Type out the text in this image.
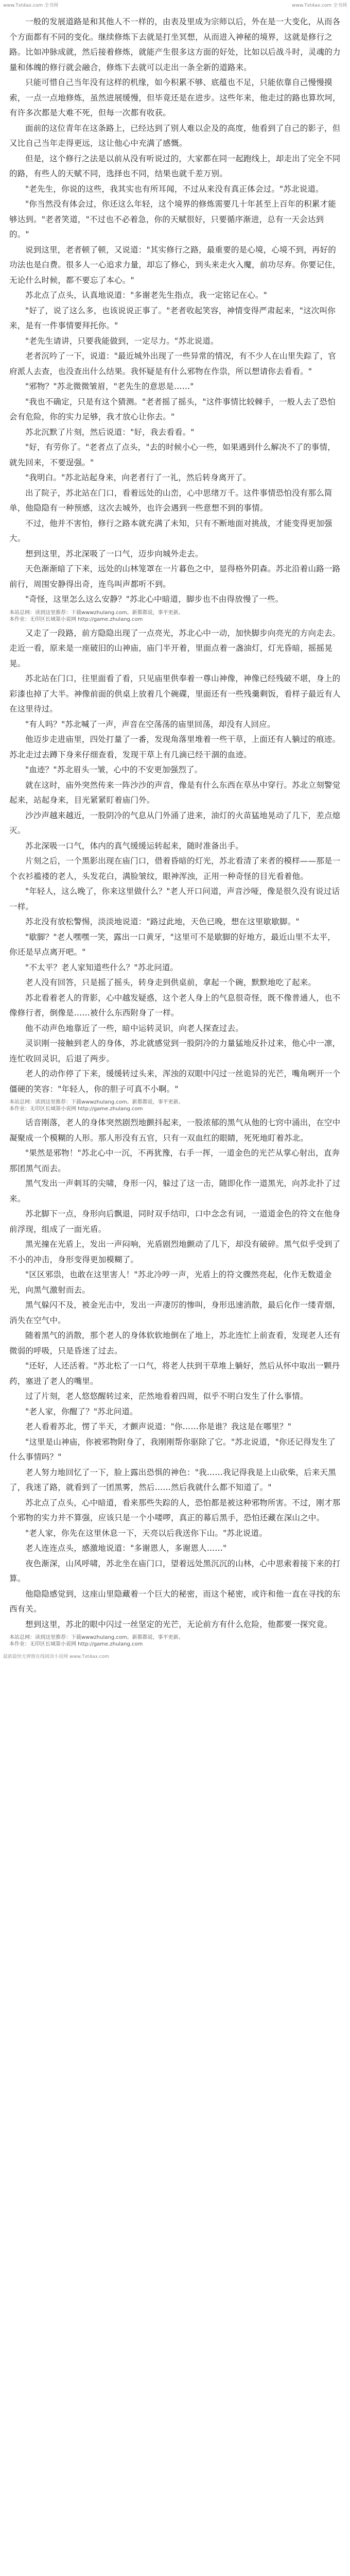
www.Txt4ax.com 全书网	www.Txt4ax.com 全书网

一般的发展道路是和其他人不一样的，由表及里成为宗师以后，外在是一大变化，从而各个方面都有不同的变化。继续修炼下去就是打坐冥想，从而进入神秘的境界，这就是修行之路。比如冲脉成就，然后接着修炼，就能产生很多这方面的好处，比如以后战斗时，灵魂的力量和体魄的修行就会融合，修炼下去就可以走出一条全新的道路来。

只能可惜自己当年没有这样的机缘，如今积累不够、底蕴也不足，只能依靠自己慢慢摸索，一点一点地修炼，虽然进展缓慢，但毕竟还是在进步。这些年来，他走过的路也算坎坷，有许多次都是大难不死，但每一次都有收获。

面前的这位青年在这条路上，已经达到了别人难以企及的高度，他看到了自己的影子，但又比自己当年走得更远，这让他心中充满了感慨。

但是，这个修行之法是以前从没有听说过的，大家都在同一起跑线上，却走出了完全不同的路，有些人的天赋不同，选择也不同，结果也就千差万别。

"老先生，你说的这些，我其实也有所耳闻，不过从来没有真正体会过。"苏北说道。

"你当然没有体会过，你还这么年轻，这个境界的修炼需要几十年甚至上百年的积累才能够达到。"老者笑道，"不过也不必着急，你的天赋很好，只要循序渐进，总有一天会达到的。"

说到这里，老者顿了顿，又说道："其实修行之路，最重要的是心境，心境不到，再好的功法也是白费。很多人一心追求力量，却忘了修心，到头来走火入魔，前功尽弃。你要记住，无论什么时候，都不要忘了本心。"

苏北点了点头，认真地说道："多谢老先生指点，我一定铭记在心。"

"好了，说了这么多，也该说说正事了。"老者收起笑容，神情变得严肃起来，"这次叫你来，是有一件事情要拜托你。"

"老先生请讲，只要我能做到，一定尽力。"苏北说道。

老者沉吟了一下，说道："最近城外出现了一些异常的情况，有不少人在山里失踪了，官府派人去查，也没查出什么结果。我怀疑是有什么邪物在作祟，所以想请你去看看。"

"邪物？"苏北微微皱眉，"老先生的意思是……"

"我也不确定，只是有这个猜测。"老者摇了摇头，"这件事情比较棘手，一般人去了恐怕会有危险，你的实力足够，我才放心让你去。"

苏北沉默了片刻，然后说道："好，我去看看。"

"好，有劳你了。"老者点了点头，"去的时候小心一些，如果遇到什么解决不了的事情，就先回来，不要逞强。"

"我明白。"苏北站起身来，向老者行了一礼，然后转身离开了。

出了院子，苏北站在门口，看着远处的山峦，心中思绪万千。这件事情恐怕没有那么简单，他隐隐有一种预感，这次去城外，也许会遇到一些意想不到的事情。

不过，他并不害怕，修行之路本就充满了未知，只有不断地面对挑战，才能变得更加强大。

想到这里，苏北深吸了一口气，迈步向城外走去。

天色渐渐暗了下来，远处的山林笼罩在一片暮色之中，显得格外阴森。苏北沿着山路一路前行，周围安静得出奇，连鸟叫声都听不到。

"奇怪，这里怎么这么安静？"苏北心中暗道，脚步也不由得放慢了一些。

本站总网：读到这里推荐：下载wwwzhulang.com。新都都说，事平更新。
本作业：无印区长域第小说网 http://game.zhulang.com

又走了一段路，前方隐隐出现了一点亮光，苏北心中一动，加快脚步向亮光的方向走去。走近一看，原来是一座破旧的山神庙，庙门半开着，里面点着一盏油灯，灯光昏暗，摇摇晃晃。

苏北站在门口，往里面看了看，只见庙里供奉着一尊山神像，神像已经残破不堪，身上的彩漆也掉了大半。神像前面的供桌上放着几个碗碟，里面还有一些残羹剩饭，看样子最近有人在这里待过。

"有人吗？"苏北喊了一声，声音在空荡荡的庙里回荡，却没有人回应。

他迈步走进庙里，四处打量了一番，发现角落里堆着一些干草，上面还有人躺过的痕迹。苏北走过去蹲下身来仔细查看，发现干草上有几滴已经干涸的血迹。

"血迹？"苏北眉头一皱，心中的不安更加强烈了。

就在这时，庙外突然传来一阵沙沙的声音，像是有什么东西在草丛中穿行。苏北立刻警觉起来，站起身来，目光紧紧盯着庙门外。

沙沙声越来越近，一股阴冷的气息从门外涌了进来，油灯的火苗猛地晃动了几下，差点熄灭。

苏北深吸一口气，体内的真气缓缓运转起来，随时准备出手。

片刻之后，一个黑影出现在庙门口，借着昏暗的灯光，苏北看清了来者的模样——那是一个衣衫褴褛的老人，头发花白，满脸皱纹，眼神浑浊，正用一种奇怪的目光看着他。

"年轻人，这么晚了，你来这里做什么？"老人开口问道，声音沙哑，像是很久没有说过话一样。

苏北没有放松警惕，淡淡地说道："路过此地，天色已晚，想在这里歇歇脚。"

"歇脚？"老人嘿嘿一笑，露出一口黄牙，"这里可不是歇脚的好地方，最近山里不太平，你还是早点离开吧。"

"不太平？老人家知道些什么？"苏北问道。

老人没有回答，只是摇了摇头，转身走到供桌前，拿起一个碗，默默地吃了起来。

苏北看着老人的背影，心中越发疑惑，这个老人身上的气息很奇怪，既不像普通人，也不像修行者，倒像是……被什么东西附身了一样。

他不动声色地靠近了一些，暗中运转灵识，向老人探查过去。

灵识刚一接触到老人的身体，苏北就感觉到一股阴冷的力量猛地反扑过来，他心中一凛，连忙收回灵识，后退了两步。

老人的动作停了下来，缓缓转过头来，浑浊的双眼中闪过一丝诡异的光芒，嘴角咧开一个僵硬的笑容："年轻人，你的胆子可真不小啊。"

本站总网：读到这里推荐：下载wwwzhulang.com。新都都说，事平更新。
本作业：无印区长域第小说网 http://game.zhulang.com

话音刚落，老人的身体突然剧烈地颤抖起来，一股浓郁的黑气从他的七窍中涌出，在空中凝聚成一个模糊的人形。那人形没有五官，只有一双血红的眼睛，死死地盯着苏北。

"果然是邪物！"苏北心中一沉，不再犹豫，右手一挥，一道金色的光芒从掌心射出，直奔那团黑气而去。

黑气发出一声刺耳的尖啸，身形一闪，躲过了这一击，随即化作一道黑光，向苏北扑了过来。

苏北脚下一点，身形向后飘退，同时双手结印，口中念念有词，一道道金色的符文在他身前浮现，组成了一面光盾。

黑光撞在光盾上，发出一声闷响，光盾剧烈地颤动了几下，却没有破碎。黑气似乎受到了不小的冲击，身形变得更加模糊了。

"区区邪祟，也敢在这里害人！"苏北冷哼一声，光盾上的符文骤然亮起，化作无数道金光，向黑气激射而去。

黑气躲闪不及，被金光击中，发出一声凄厉的惨叫，身形迅速消散，最后化作一缕青烟，消失在空气中。

随着黑气的消散，那个老人的身体软软地倒在了地上，苏北连忙上前查看，发现老人还有微弱的呼吸，只是昏迷了过去。

"还好，人还活着。"苏北松了一口气，将老人扶到干草堆上躺好，然后从怀中取出一颗丹药，塞进了老人的嘴里。

过了片刻，老人悠悠醒转过来，茫然地看着四周，似乎不明白发生了什么事情。

"老人家，你醒了？"苏北问道。

老人看着苏北，愣了半天，才颤声说道："你……你是谁？我这是在哪里？"

"这里是山神庙，你被邪物附身了，我刚刚帮你驱除了它。"苏北说道，"你还记得发生了什么事情吗？"

老人努力地回忆了一下，脸上露出恐惧的神色："我……我记得我是上山砍柴，后来天黑了，我迷了路，就看到了一团黑雾，然后……然后我就什么都不知道了。"

苏北点了点头，心中暗道，看来那些失踪的人，恐怕都是被这种邪物所害。不过，刚才那个邪物的实力并不算强，应该只是一个小喽啰，真正的幕后黑手，恐怕还藏在深山之中。

"老人家，你先在这里休息一下，天亮以后我送你下山。"苏北说道。

老人连连点头，感激地说道："多谢恩人，多谢恩人……"

夜色渐深，山风呼啸，苏北坐在庙门口，望着远处黑沉沉的山林，心中思索着接下来的打算。

他隐隐感觉到，这座山里隐藏着一个巨大的秘密，而这个秘密，或许和他一直在寻找的东西有关。

想到这里，苏北的眼中闪过一丝坚定的光芒，无论前方有什么危险，他都要一探究竟。

本站总网：读到这里推荐：下载wwwzhulang.com。新都都说，事平更新。
本作业：无印区长域第小说网 http://game.zhulang.com
最新最快无弹窗在线阅读小说网 www.Txt4ax.com
